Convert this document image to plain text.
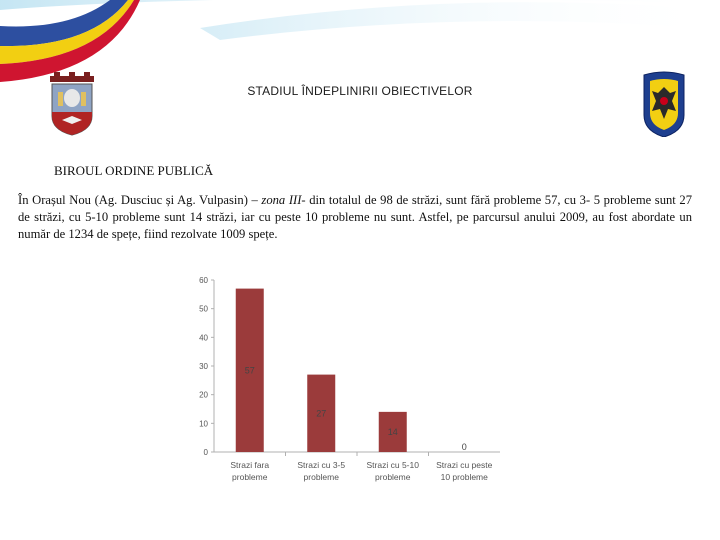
STADIUL ÎNDEPLINIRII OBIECTIVELOR
BIROUL ORDINE PUBLICĂ
În Orașul Nou (Ag. Dusciuc și Ag. Vulpasin) – zona III- din totalul de 98 de străzi, sunt fără probleme 57, cu 3- 5 probleme sunt 27 de străzi, cu 5-10 probleme sunt 14 străzi, iar cu peste 10 probleme nu sunt. Astfel, pe parcursul anului 2009, au fost abordate un număr de 1234 de spețe, fiind rezolvate 1009 spețe.
0
10
20
30
40
50
60
57
27
14
0
Strazi fara
probleme
Strazi cu 3-5
probleme
Strazi cu 5-10
probleme
Strazi cu peste
10 probleme
